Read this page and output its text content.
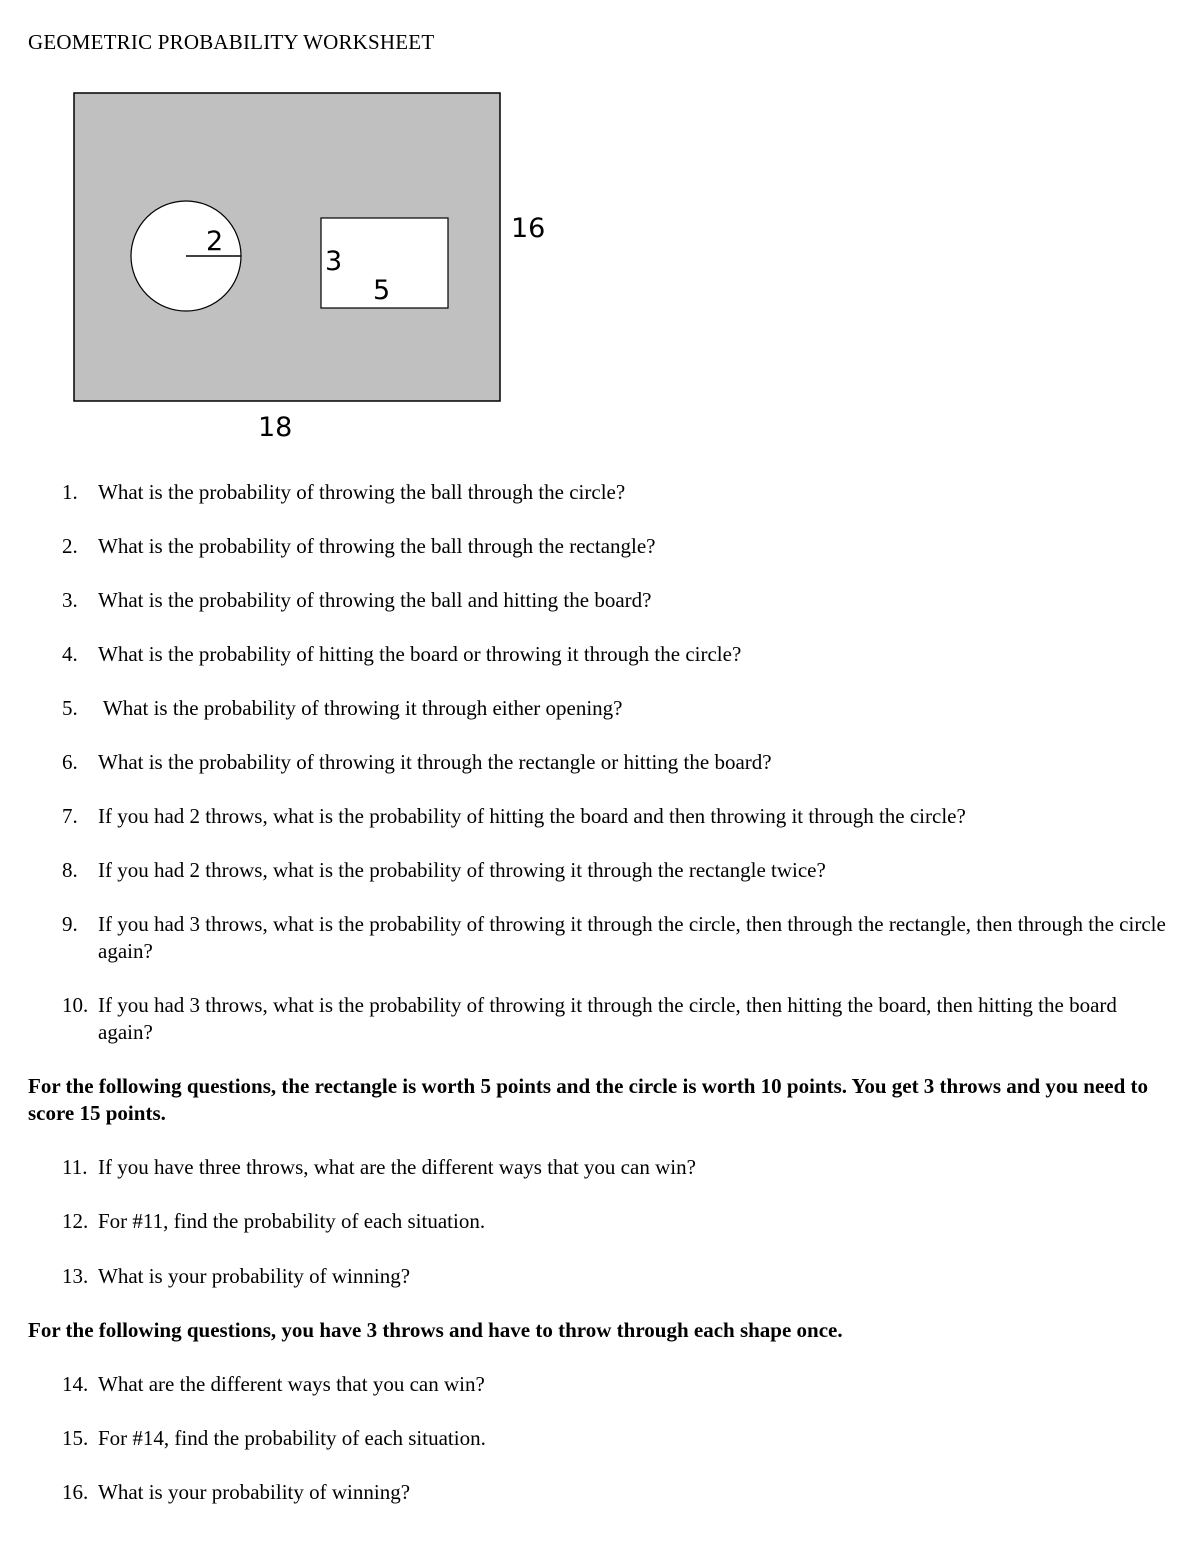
GEOMETRIC PROBABILITY WORKSHEET
2
3
5
16
18
1. What is the probability of throwing the ball through the circle?
2. What is the probability of throwing the ball through the rectangle?
3. What is the probability of throwing the ball and hitting the board?
4. What is the probability of hitting the board or throwing it through the circle?
5. What is the probability of throwing it through either opening?
6. What is the probability of throwing it through the rectangle or hitting the board?
7. If you had 2 throws, what is the probability of hitting the board and then throwing it through the circle?
8. If you had 2 throws, what is the probability of throwing it through the rectangle twice?
9. If you had 3 throws, what is the probability of throwing it through the circle, then through the rectangle, then through the circle again?
10. If you had 3 throws, what is the probability of throwing it through the circle, then hitting the board, then hitting the board again?
For the following questions, the rectangle is worth 5 points and the circle is worth 10 points. You get 3 throws and you need to score 15 points.
11. If you have three throws, what are the different ways that you can win?
12. For #11, find the probability of each situation.
13. What is your probability of winning?
For the following questions, you have 3 throws and have to throw through each shape once.
14. What are the different ways that you can win?
15. For #14, find the probability of each situation.
16. What is your probability of winning?
